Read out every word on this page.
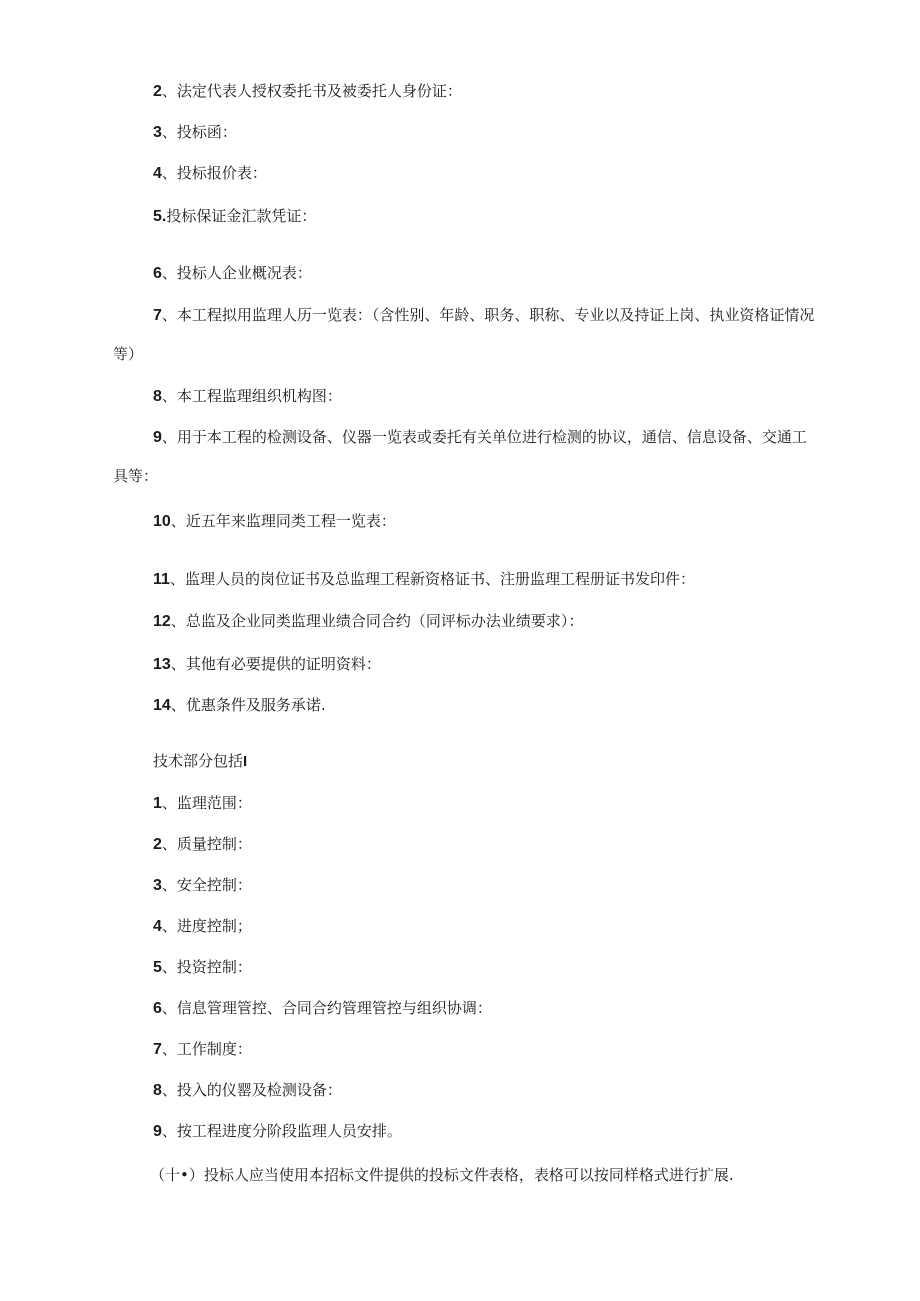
2、法定代表人授权委托书及被委托人身份证：
3、投标函：
4、投标报价表：
5.投标保证金汇款凭证：
6、投标人企业概况表：
7、本工程拟用监理人历一览表：（含性别、年龄、职务、职称、专业以及持证上岗、执业资格证情况等）
8、本工程监理组织机构图：
9、用于本工程的检测设备、仪器一览表或委托有关单位进行检测的协议，通信、信息设备、交通工具等：
10、近五年来监理同类工程一览表：
11、监理人员的岗位证书及总监理工程新资格证书、注册监理工程册证书发印件：
12、总监及企业同类监理业绩合同合约（同评标办法业绩要求）：
13、其他有必要提供的证明资料：
14、优惠条件及服务承诺.
技术部分包括I
1、监理范围：
2、质量控制：
3、安全控制：
4、进度控制；
5、投资控制：
6、信息管理管控、合同合约管理管控与组织协调：
7、工作制度：
8、投入的仪罂及检测设备：
9、按工程进度分阶段监理人员安排。
（十•）投标人应当使用本招标文件提供的投标文件表格，表格可以按同样格式进行扩展.
